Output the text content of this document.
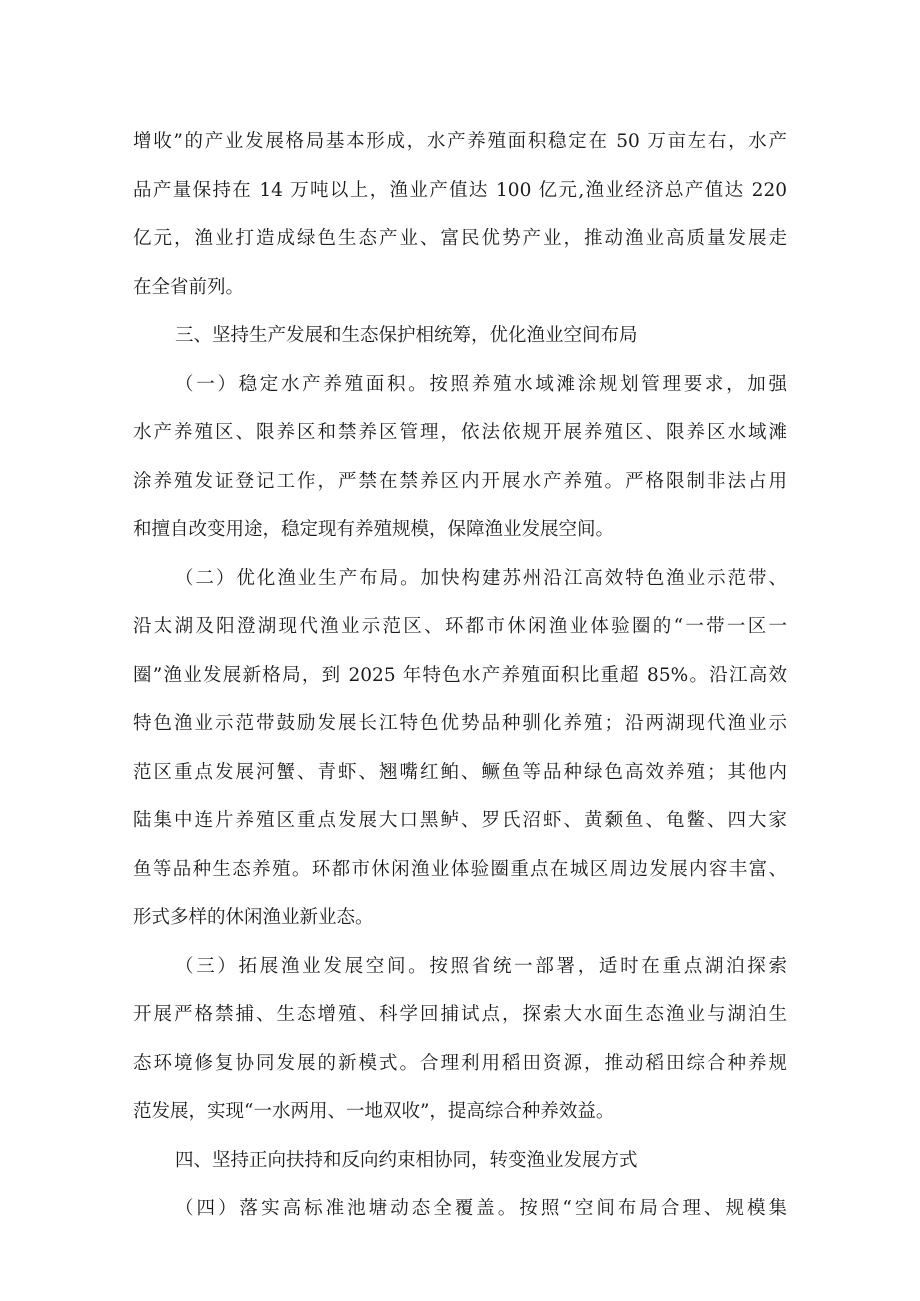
增收”的产业发展格局基本形成，水产养殖面积稳定在 50 万亩左右，水产

品产量保持在 14 万吨以上，渔业产值达 100 亿元,渔业经济总产值达 220

亿元，渔业打造成绿色生态产业、富民优势产业，推动渔业高质量发展走

在全省前列。

三、坚持生产发展和生态保护相统筹，优化渔业空间布局

（一）稳定水产养殖面积。按照养殖水域滩涂规划管理要求，加强

水产养殖区、限养区和禁养区管理，依法依规开展养殖区、限养区水域滩

涂养殖发证登记工作，严禁在禁养区内开展水产养殖。严格限制非法占用

和擅自改变用途，稳定现有养殖规模，保障渔业发展空间。

（二）优化渔业生产布局。加快构建苏州沿江高效特色渔业示范带、

沿太湖及阳澄湖现代渔业示范区、环都市休闲渔业体验圈的“一带一区一

圈”渔业发展新格局，到 2025 年特色水产养殖面积比重超 85%。沿江高效

特色渔业示范带鼓励发展长江特色优势品种驯化养殖；沿两湖现代渔业示

范区重点发展河蟹、青虾、翘嘴红鲌、鳜鱼等品种绿色高效养殖；其他内

陆集中连片养殖区重点发展大口黑鲈、罗氏沼虾、黄颡鱼、龟鳖、四大家

鱼等品种生态养殖。环都市休闲渔业体验圈重点在城区周边发展内容丰富、

形式多样的休闲渔业新业态。

（三）拓展渔业发展空间。按照省统一部署，适时在重点湖泊探索

开展严格禁捕、生态增殖、科学回捕试点，探索大水面生态渔业与湖泊生

态环境修复协同发展的新模式。合理利用稻田资源，推动稻田综合种养规

范发展，实现“一水两用、一地双收”，提高综合种养效益。

四、坚持正向扶持和反向约束相协同，转变渔业发展方式

（四）落实高标准池塘动态全覆盖。按照“空间布局合理、规模集
